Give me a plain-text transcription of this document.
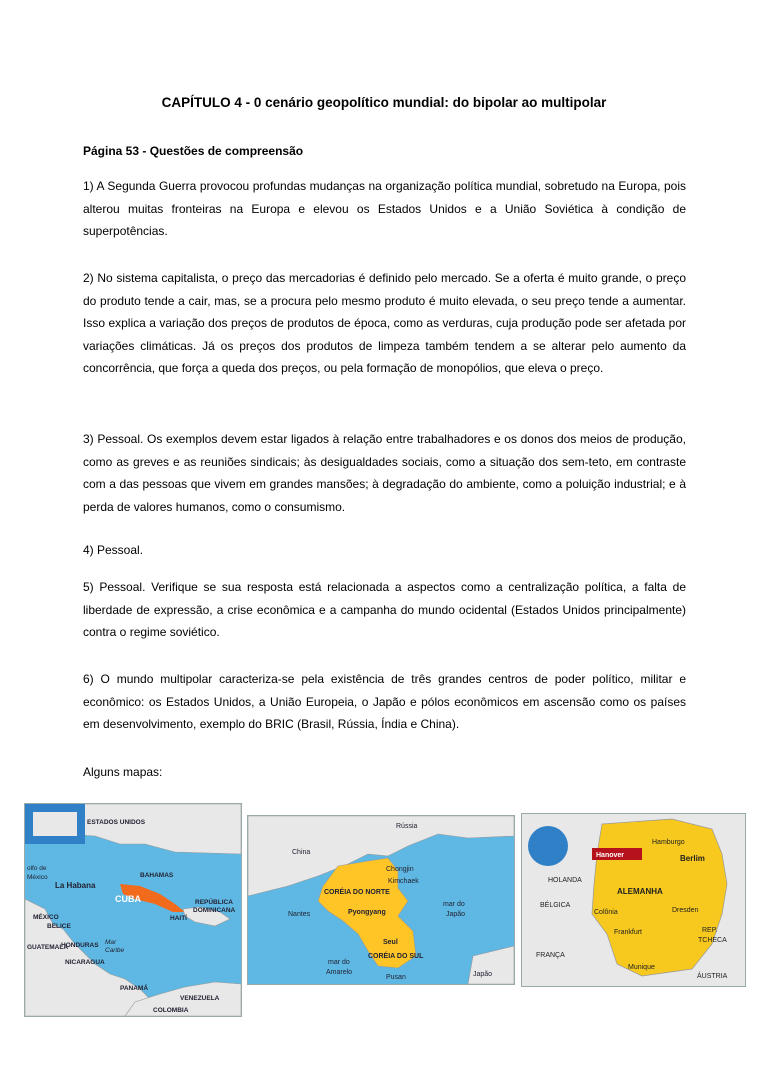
CAPÍTULO 4 - 0 cenário geopolítico mundial: do bipolar ao multipolar
Página 53 - Questões de compreensão

1) A Segunda Guerra provocou profundas mudanças na organização política mundial, sobretudo na Europa, pois alterou muitas fronteiras na Europa e elevou os Estados Unidos e a União Soviética à condição de superpotências.

2) No sistema capitalista, o preço das mercadorias é definido pelo mercado. Se a oferta é muito grande, o preço do produto tende a cair, mas, se a procura pelo mesmo produto é muito elevada, o seu preço tende a aumentar. Isso explica a variação dos preços de produtos de época, como as verduras, cuja produção pode ser afetada por variações climáticas. Já os preços dos produtos de limpeza também tendem a se alterar pelo aumento da concorrência, que força a queda dos preços, ou pela formação de monopólios, que eleva o preço.

3) Pessoal. Os exemplos devem estar ligados à relação entre trabalhadores e os donos dos meios de produção, como as greves e as reuniões sindicais; às desigualdades sociais, como a situação dos sem-teto, em contraste com a das pessoas que vivem em grandes mansões; à degradação do ambiente, como a poluição industrial; e à perda de valores humanos, como o consumismo.

4) Pessoal.

5) Pessoal. Verifique se sua resposta está relacionada a aspectos como a centralização política, a falta de liberdade de expressão, a crise econômica e a campanha do mundo ocidental (Estados Unidos principalmente) contra o regime soviético.

6) O mundo multipolar caracteriza-se pela existência de três grandes centros de poder político, militar e econômico: os Estados Unidos, a União Europeia, o Japão e pólos econômicos em ascensão como os países em desenvolvimento, exemplo do BRIC (Brasil, Rússia, Índia e China).

Alguns mapas:

ESTADOS UNIDOS
olfo de
México
La Habana
BAHAMAS
CUBA
MÉXICO
BELICE
HAITÍ
REPÚBLICA
DOMINICANA
GUATEMALA
HONDURAS Mar
Caribe
NICARAGUA
VENEZUELA
PANAMÁ
COLOMBIA
Rússia
China
Chongjin
Kimchaek
CORÉIA DO NORTE
Nantes	Pyongyang
mar do
Japão
Seul
CORÉIA DO SUL
Pusan
mar do
Amarelo	Japão
Hamburgo
Hanover	Berlim
HOLANDA
ALEMANHA
BÉLGICA
Colônia	Dresden
Frankfurt	REP.
TCHECA
FRANÇA
Munique
ÁUSTRIA
